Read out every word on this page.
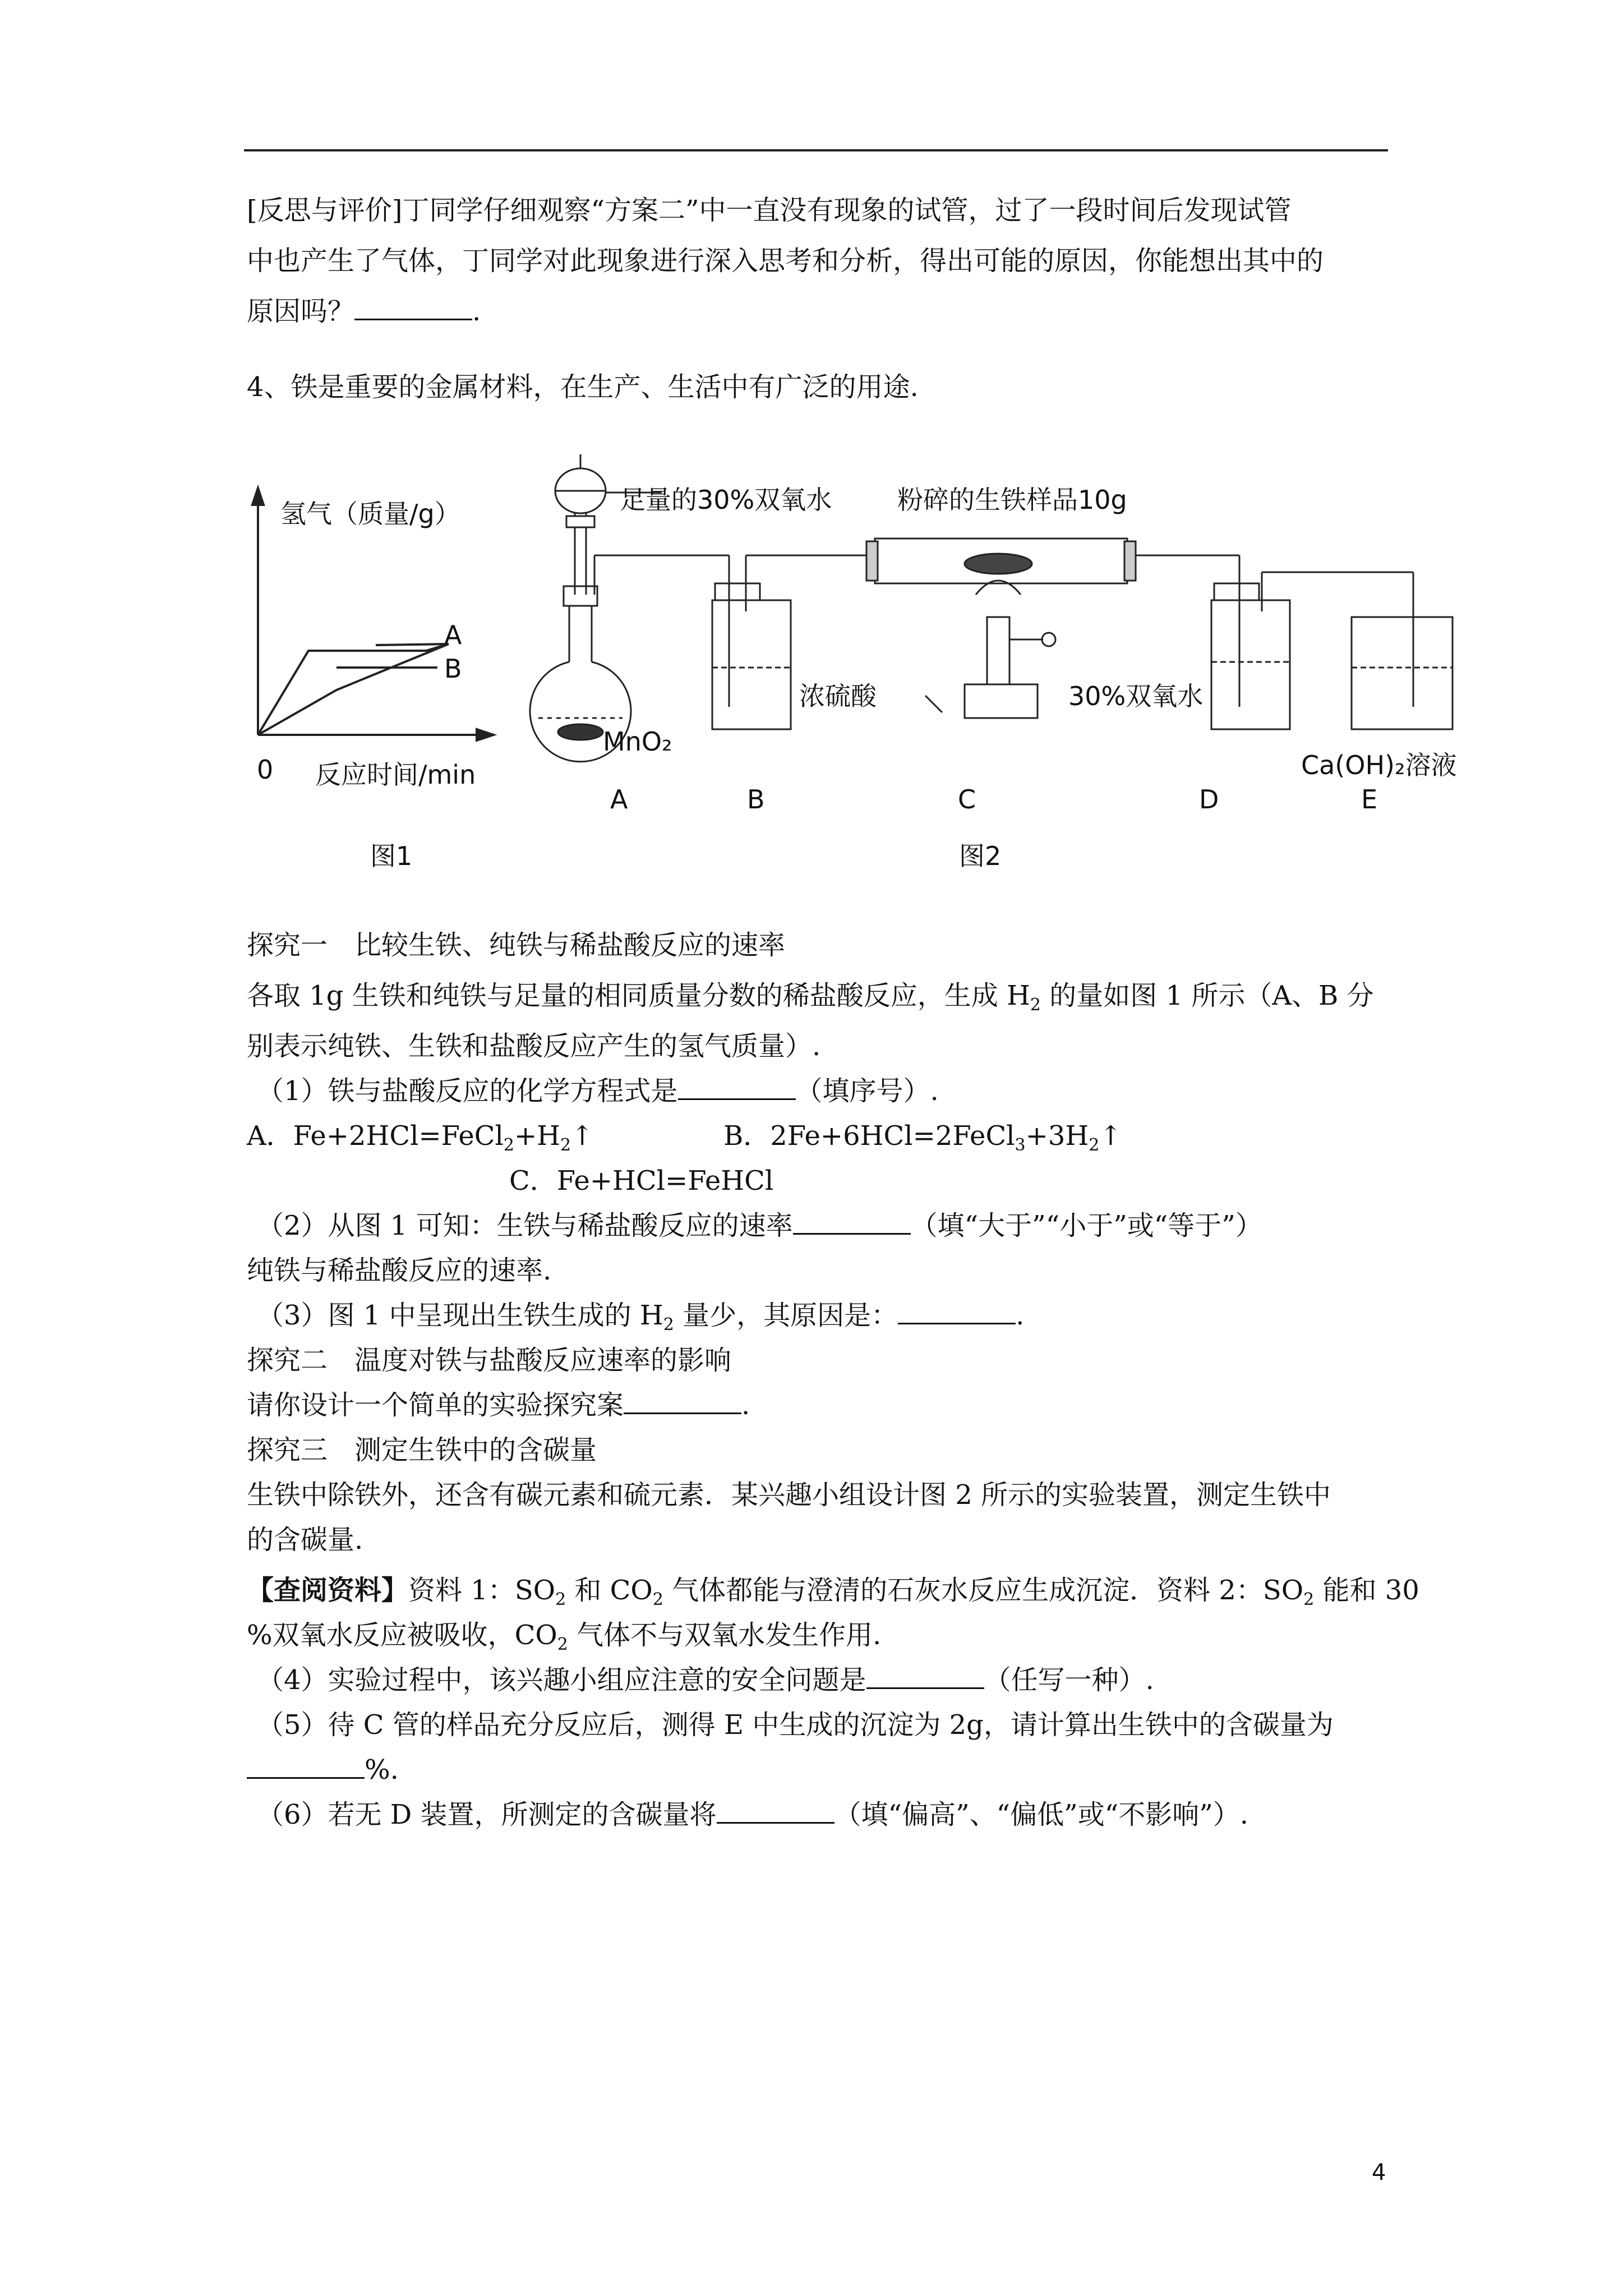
[反思与评价]丁同学仔细观察“方案二”中一直没有现象的试管，过了一段时间后发现试管
中也产生了气体，丁同学对此现象进行深入思考和分析，得出可能的原因，你能想出其中的
原因吗？	.
4、铁是重要的金属材料，在生产、生活中有广泛的用途.
氢气（质量/g）
A
B
0 反应时间/min
图1
足量的30%双氧水	粉碎的生铁样品10g
浓硫酸	30%双氧水
MnO₂
Ca(OH)₂溶液
A	B	C	D	E
图2
探究一　比较生铁、纯铁与稀盐酸反应的速率
各取 1g 生铁和纯铁与足量的相同质量分数的稀盐酸反应，生成 $H_2$ 的量如图 1 所示（A、B 分
别表示纯铁、生铁和盐酸反应产生的氢气质量）.
（1）铁与盐酸反应的化学方程式是	（填序号）.
A．$Fe+2HCl=FeCl_2+H_2↑$	B．$2Fe+6HCl=2FeCl_3+3H_2↑$
C．Fe+HCl=FeHCl
（2）从图 1 可知：生铁与稀盐酸反应的速率	（填“大于”“小于”或“等于”）
纯铁与稀盐酸反应的速率.
（3）图 1 中呈现出生铁生成的 $H_2$ 量少，其原因是：	.
探究二　温度对铁与盐酸反应速率的影响
请你设计一个简单的实验探究案	.
探究三　测定生铁中的含碳量
生铁中除铁外，还含有碳元素和硫元素．某兴趣小组设计图 2 所示的实验装置，测定生铁中
的含碳量.
【查阅资料】资料 1：$SO_2$ 和 $CO_2$ 气体都能与澄清的石灰水反应生成沉淀．资料 2：$SO_2$ 能和 30
%双氧水反应被吸收，$CO_2$ 气体不与双氧水发生作用.
（4）实验过程中，该兴趣小组应注意的安全问题是	（任写一种）.
（5）待 C 管的样品充分反应后，测得 E 中生成的沉淀为 2g，请计算出生铁中的含碳量为
%.
（6）若无 D 装置，所测定的含碳量将	（填“偏高”、“偏低”或“不影响”）.
4
